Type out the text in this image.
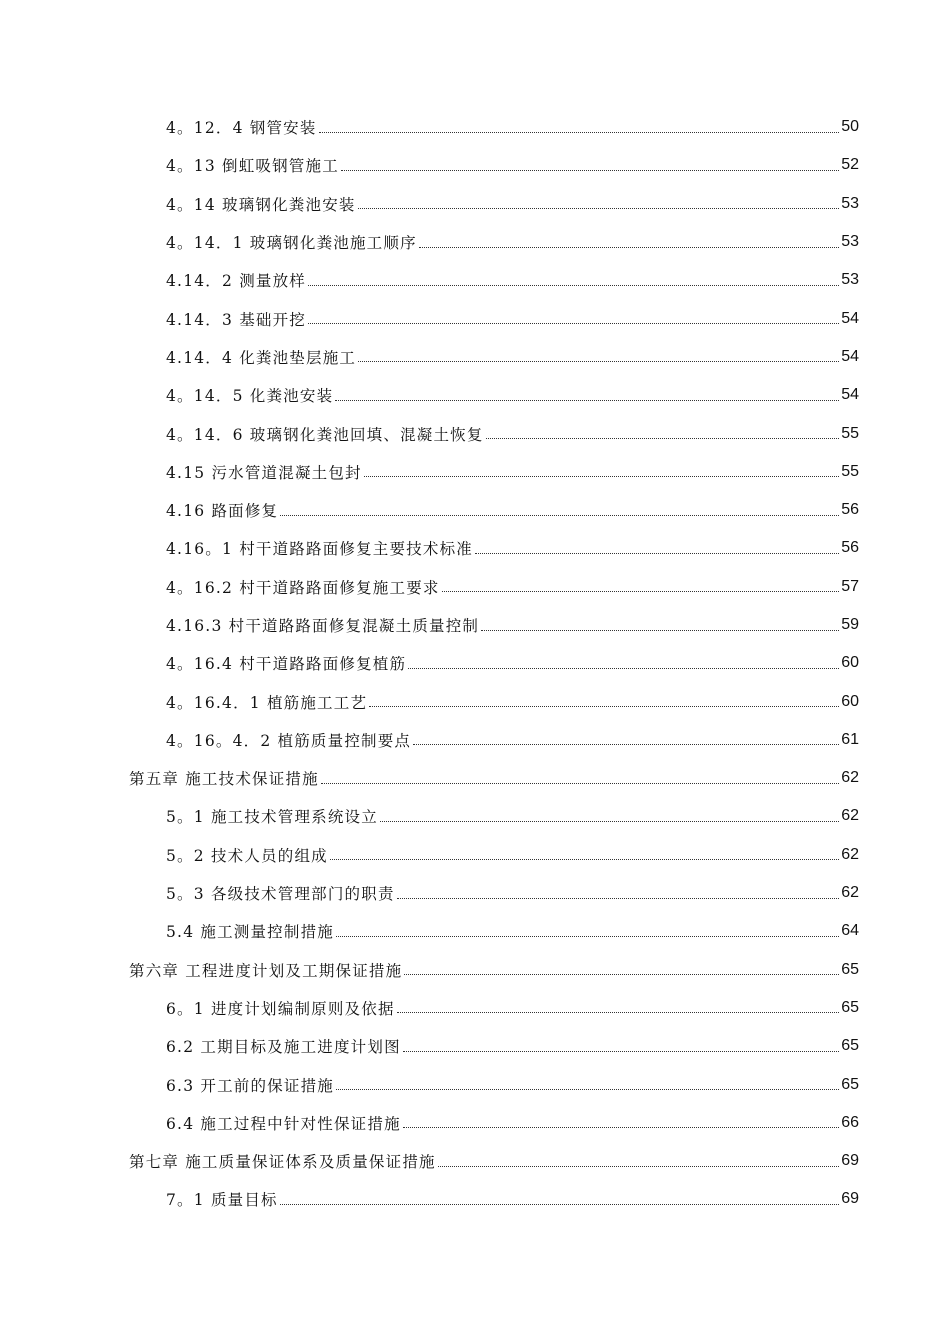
4。12．4 钢管安装	50
4。13 倒虹吸钢管施工	52
4。14 玻璃钢化粪池安装	53
4。14．1 玻璃钢化粪池施工顺序	53
4.14．2 测量放样	53
4.14．3 基础开挖	54
4.14．4 化粪池垫层施工	54
4。14．5 化粪池安装	54
4。14．6 玻璃钢化粪池回填、混凝土恢复	55
4.15 污水管道混凝土包封	55
4.16 路面修复	56
4.16。1 村干道路路面修复主要技术标准	56
4。16.2 村干道路路面修复施工要求	57
4.16.3 村干道路路面修复混凝土质量控制	59
4。16.4 村干道路路面修复植筋	60
4。16.4．1 植筋施工工艺	60
4。16。4．2 植筋质量控制要点	61
第五章 施工技术保证措施	62
5。1 施工技术管理系统设立	62
5。2 技术人员的组成	62
5。3 各级技术管理部门的职责	62
5.4 施工测量控制措施	64
第六章 工程进度计划及工期保证措施	65
6。1 进度计划编制原则及依据	65
6.2 工期目标及施工进度计划图	65
6.3 开工前的保证措施	65
6.4 施工过程中针对性保证措施	66
第七章 施工质量保证体系及质量保证措施	69
7。1 质量目标	69
